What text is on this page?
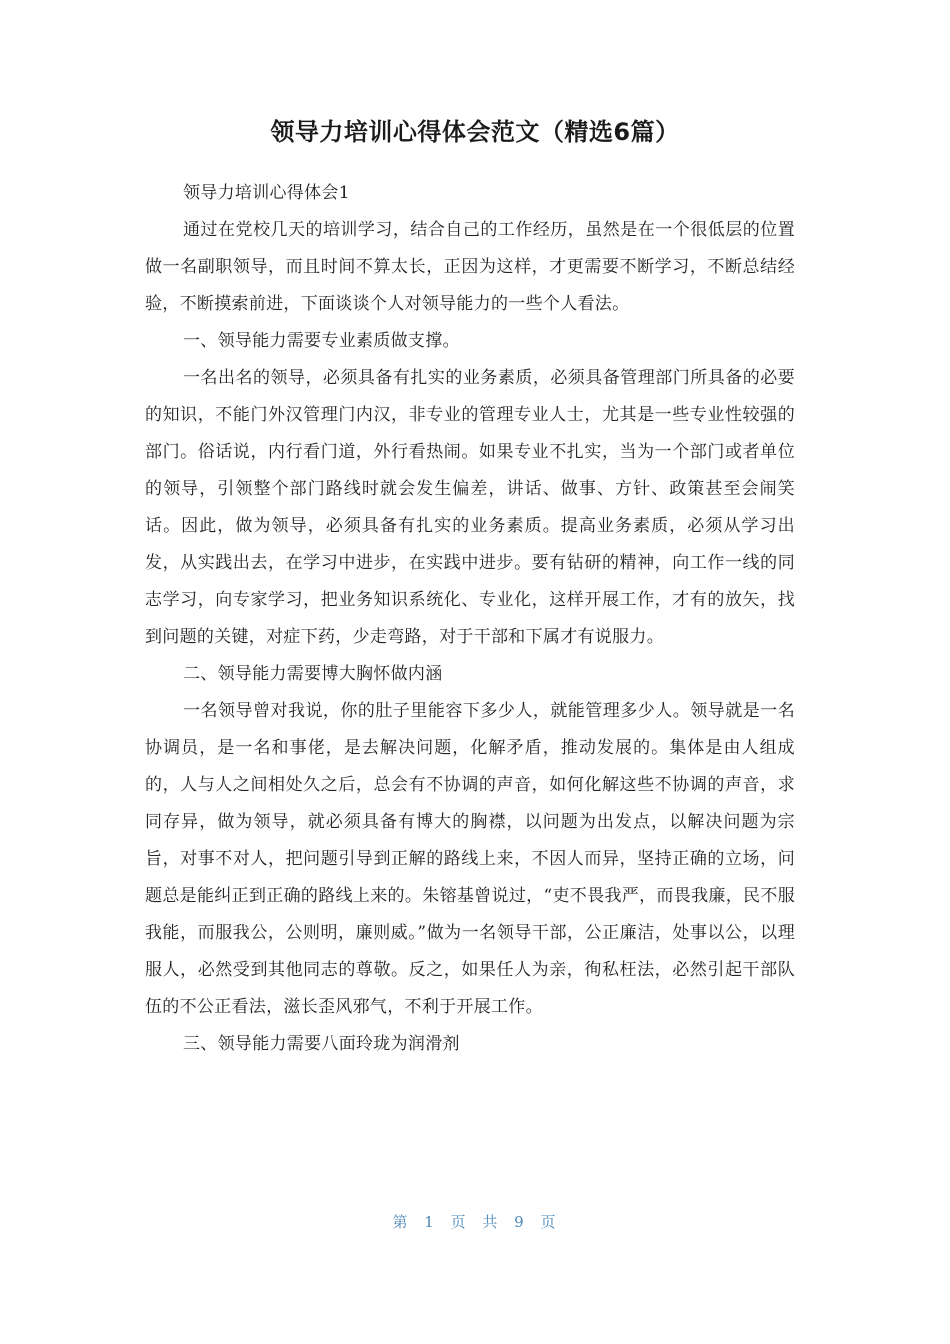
领导力培训心得体会范文（精选6篇）

领导力培训心得体会1

通过在党校几天的培训学习，结合自己的工作经历，虽然是在一个很低层的位置做一名副职领导，而且时间不算太长，正因为这样，才更需要不断学习，不断总结经验，不断摸索前进，下面谈谈个人对领导能力的一些个人看法。

一、领导能力需要专业素质做支撑。

一名出名的领导，必须具备有扎实的业务素质，必须具备管理部门所具备的必要的知识，不能门外汉管理门内汉，非专业的管理专业人士，尤其是一些专业性较强的部门。俗话说，内行看门道，外行看热闹。如果专业不扎实，当为一个部门或者单位的领导，引领整个部门路线时就会发生偏差，讲话、做事、方针、政策甚至会闹笑话。因此，做为领导，必须具备有扎实的业务素质。提高业务素质，必须从学习出发，从实践出去，在学习中进步，在实践中进步。要有钻研的精神，向工作一线的同志学习，向专家学习，把业务知识系统化、专业化，这样开展工作，才有的放矢，找到问题的关键，对症下药，少走弯路，对于干部和下属才有说服力。

二、领导能力需要博大胸怀做内涵

一名领导曾对我说，你的肚子里能容下多少人，就能管理多少人。领导就是一名协调员，是一名和事佬，是去解决问题，化解矛盾，推动发展的。集体是由人组成的，人与人之间相处久之后，总会有不协调的声音，如何化解这些不协调的声音，求同存异，做为领导，就必须具备有博大的胸襟，以问题为出发点，以解决问题为宗旨，对事不对人，把问题引导到正解的路线上来，不因人而异，坚持正确的立场，问题总是能纠正到正确的路线上来的。朱镕基曾说过，“吏不畏我严，而畏我廉，民不服我能，而服我公，公则明，廉则威。”做为一名领导干部，公正廉洁，处事以公，以理服人，必然受到其他同志的尊敬。反之，如果任人为亲，徇私枉法，必然引起干部队伍的不公正看法，滋长歪风邪气，不利于开展工作。

三、领导能力需要八面玲珑为润滑剂

第 1 页 共 9 页
